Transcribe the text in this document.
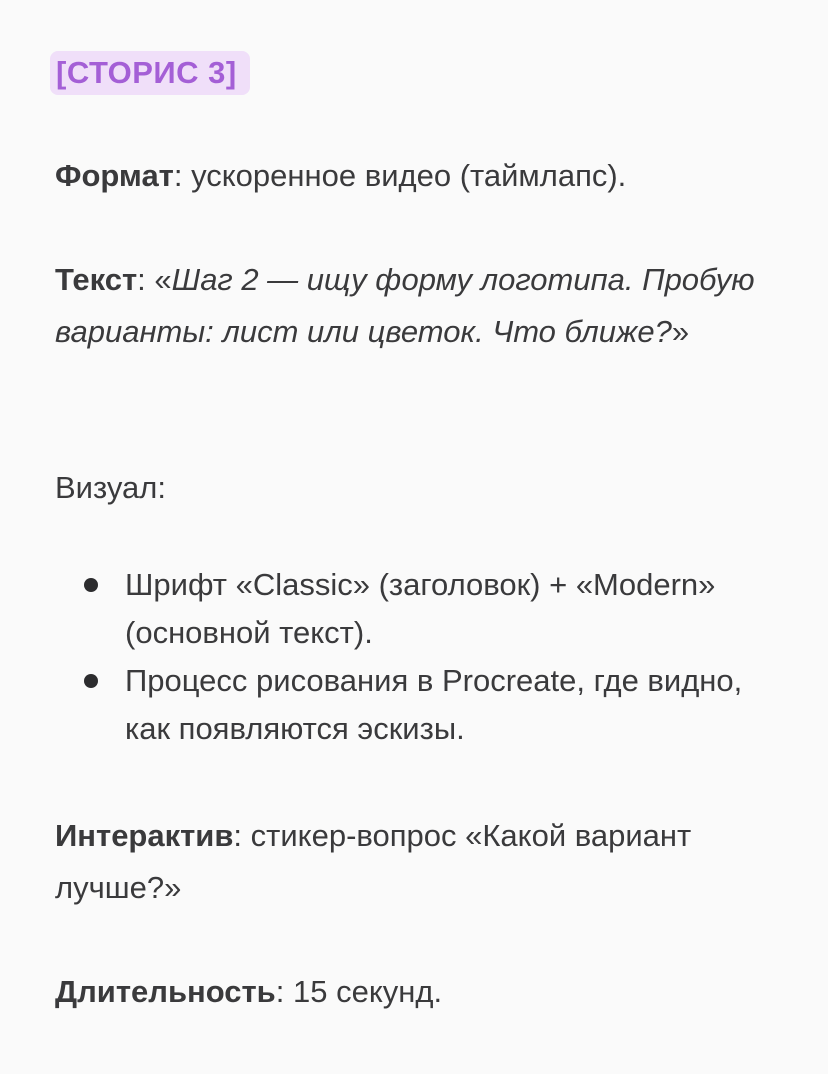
[СТОРИС 3]

Формат: ускоренное видео (таймлапс).

Текст: «Шаг 2 — ищу форму логотипа. Пробую варианты: лист или цветок. Что ближе?»

Визуал:

Шрифт «Classic» (заголовок) + «Modern» (основной текст).
Процесс рисования в Procreate, где видно, как появляются эскизы.

Интерактив: стикер-вопрос «Какой вариант лучше?»

Длительность: 15 секунд.
